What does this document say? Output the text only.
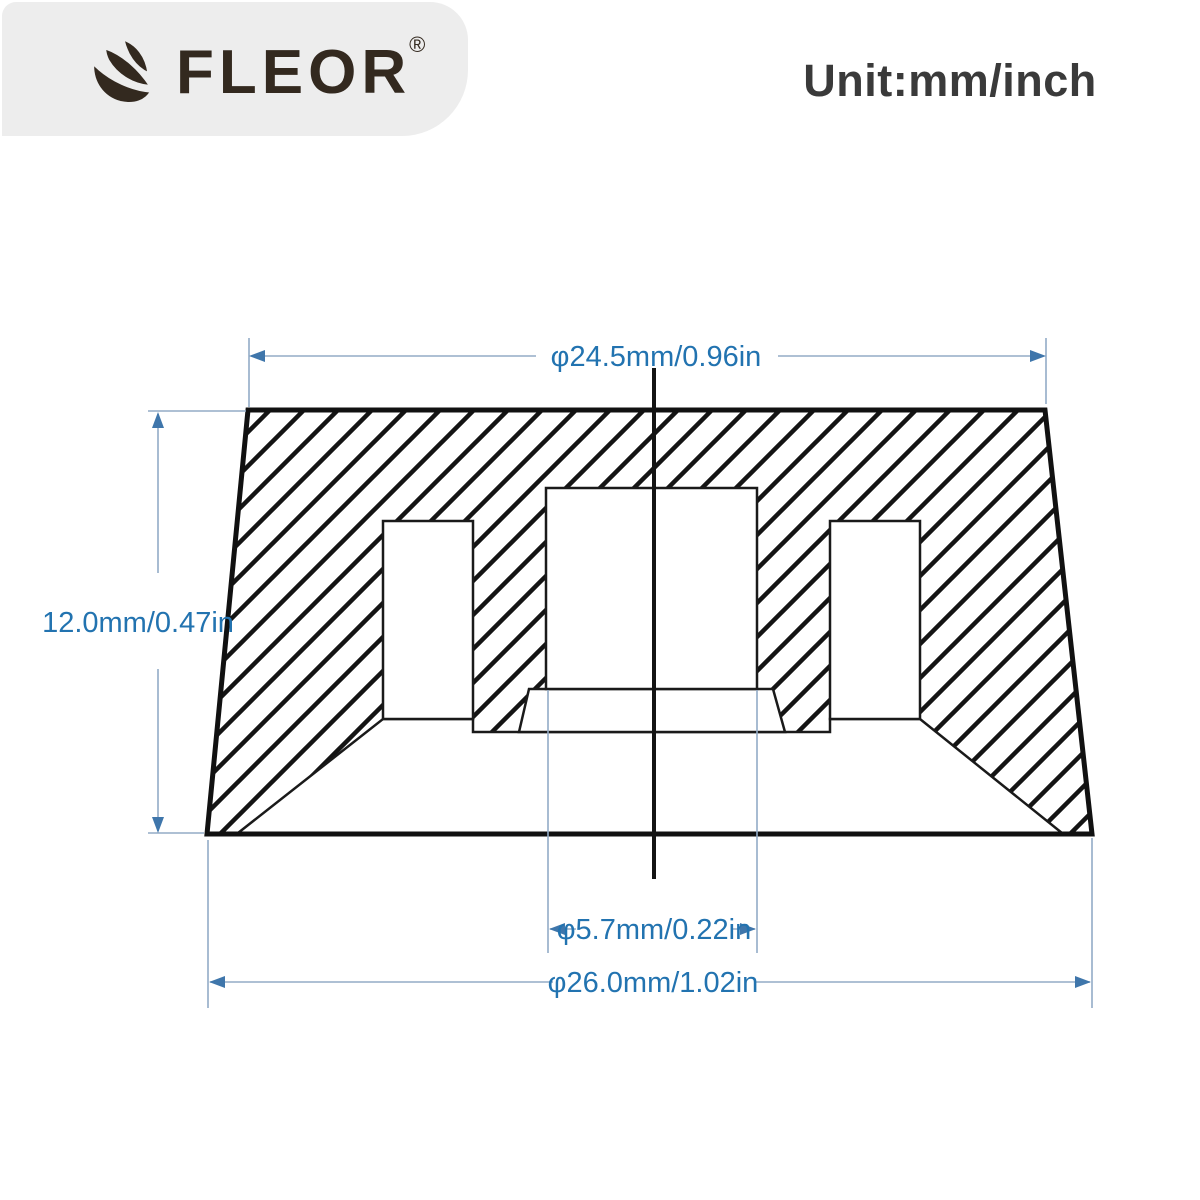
FLEOR®
Unit:mm/inch
φ24.5mm/0.96in
12.0mm/0.47in
φ5.7mm/0.22in
φ26.0mm/1.02in
